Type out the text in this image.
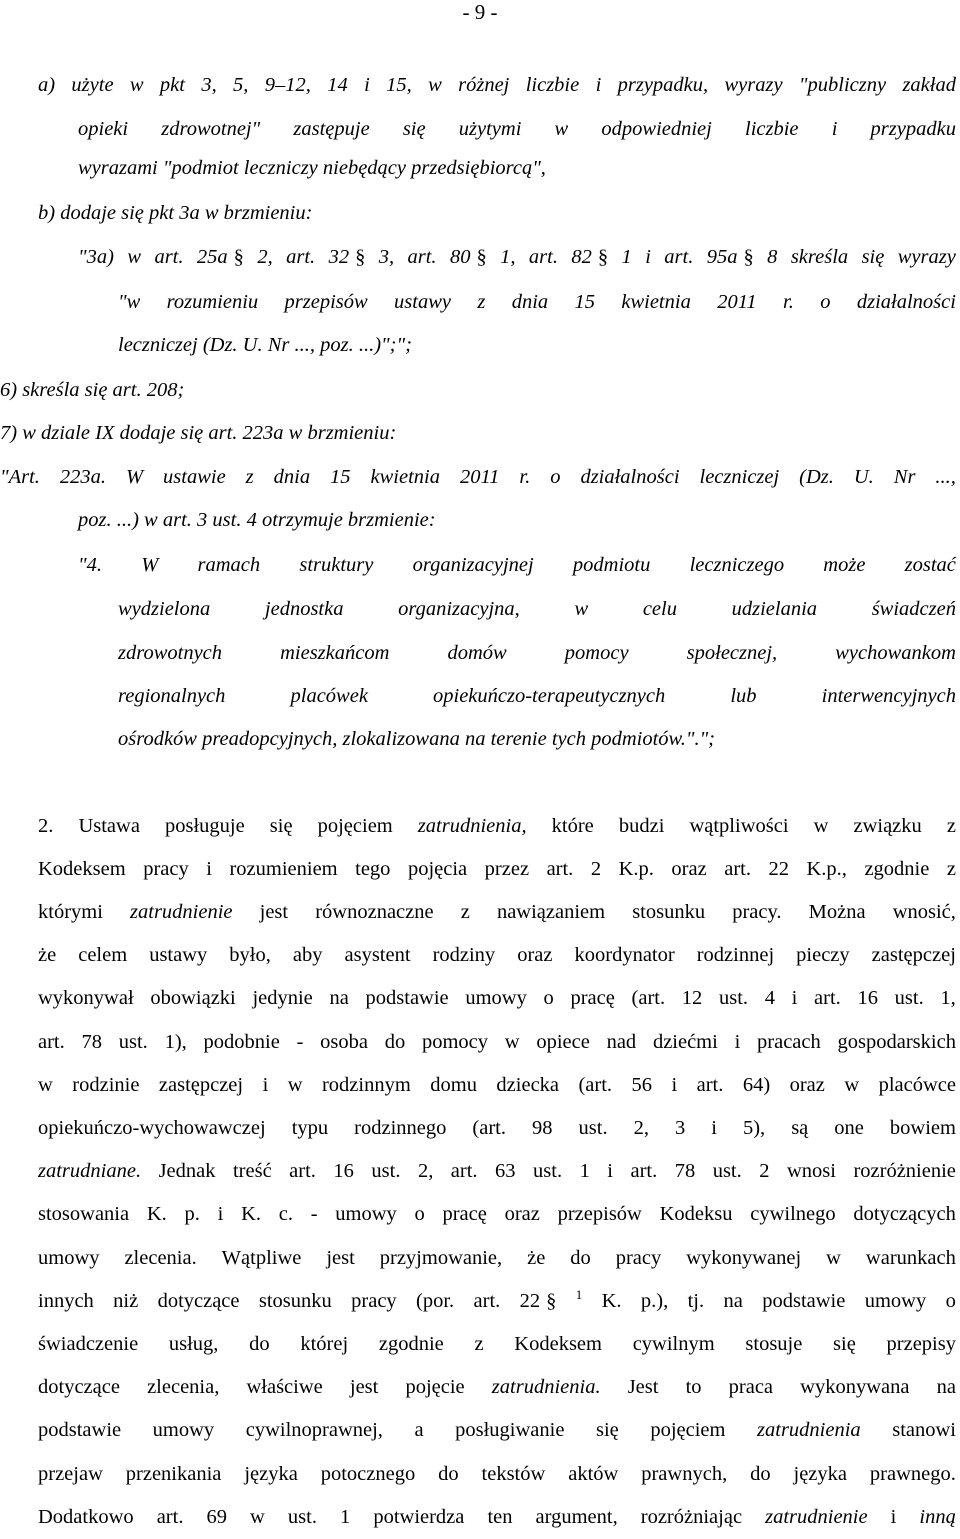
- 9 -
a) użyte w pkt 3, 5, 9–12, 14 i 15, w różnej liczbie i przypadku, wyrazy "publiczny zakład
opieki zdrowotnej" zastępuje się użytymi w odpowiedniej liczbie i przypadku
wyrazami "podmiot leczniczy niebędący przedsiębiorcą",
b) dodaje się pkt 3a w brzmieniu:
"3a) w art. 25a § 2, art. 32 § 3, art. 80 § 1, art. 82 § 1 i art. 95a § 8 skreśla się wyrazy
"w rozumieniu przepisów ustawy z dnia 15 kwietnia 2011 r. o działalności
leczniczej (Dz. U. Nr ..., poz. ...)";";
6) skreśla się art. 208;
7) w dziale IX dodaje się art. 223a w brzmieniu:
"Art. 223a. W ustawie z dnia 15 kwietnia 2011 r. o działalności leczniczej (Dz. U. Nr ...,
poz. ...) w art. 3 ust. 4 otrzymuje brzmienie:
"4. W ramach struktury organizacyjnej podmiotu leczniczego może zostać
wydzielona	jednostka	organizacyjna,	w	celu	udzielania	świadczeń
zdrowotnych	mieszkańcom	domów	pomocy	społecznej,	wychowankom
regionalnych	placówek	opiekuńczo-terapeutycznych	lub	interwencyjnych
ośrodków preadopcyjnych, zlokalizowana na terenie tych podmiotów.".";
2. Ustawa posługuje się pojęciem zatrudnienia, które budzi wątpliwości w związku z
Kodeksem pracy i rozumieniem tego pojęcia przez art. 2 K.p. oraz art. 22 K.p., zgodnie z
którymi zatrudnienie jest równoznaczne z nawiązaniem stosunku pracy. Można wnosić,
że celem ustawy było, aby asystent rodziny oraz koordynator rodzinnej pieczy zastępczej
wykonywał obowiązki jedynie na podstawie umowy o pracę (art. 12 ust. 4 i art. 16 ust. 1,
art. 78 ust. 1), podobnie - osoba do pomocy w opiece nad dziećmi i pracach gospodarskich
w rodzinie zastępczej i w rodzinnym domu dziecka (art. 56 i art. 64) oraz w placówce
opiekuńczo-wychowawczej typu rodzinnego (art. 98 ust. 2, 3 i 5), są one bowiem
zatrudniane. Jednak treść art. 16 ust. 2, art. 63 ust. 1 i art. 78 ust. 2 wnosi rozróżnienie
stosowania K. p. i K. c. - umowy o pracę oraz przepisów Kodeksu cywilnego dotyczących
umowy zlecenia. Wątpliwe jest przyjmowanie, że do pracy wykonywanej w warunkach
innych niż dotyczące stosunku pracy (por. art. 22 § $^1$ K. p.), tj. na podstawie umowy o
świadczenie usług, do której zgodnie z Kodeksem cywilnym stosuje się przepisy
dotyczące zlecenia, właściwe jest pojęcie zatrudnienia. Jest to praca wykonywana na
podstawie umowy cywilnoprawnej, a posługiwanie się pojęciem zatrudnienia stanowi
przejaw przenikania języka potocznego do tekstów aktów prawnych, do języka prawnego.
Dodatkowo art. 69 w ust. 1 potwierdza ten argument, rozróżniając zatrudnienie i inną
